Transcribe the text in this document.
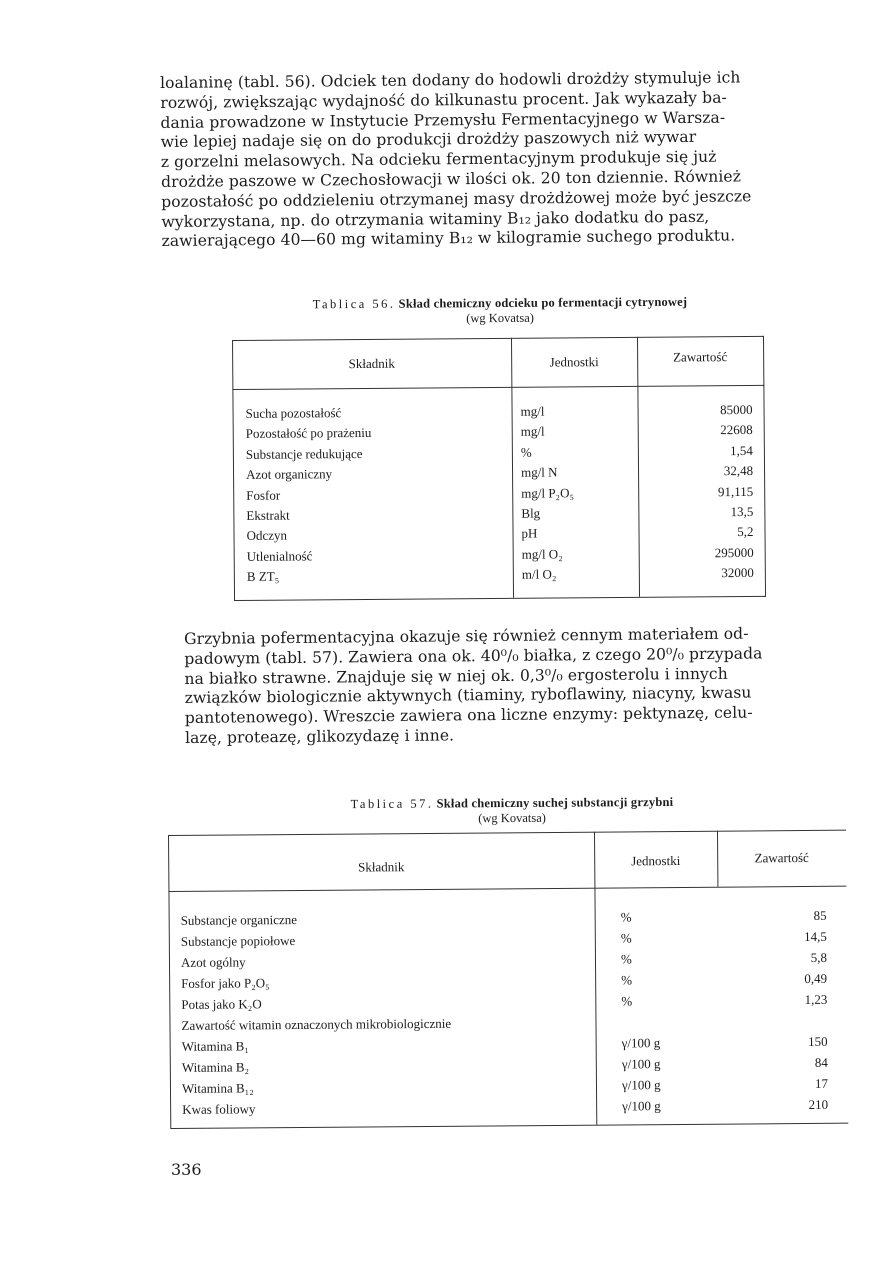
loalaninę (tabl. 56). Odciek ten dodany do hodowli drożdży stymuluje ich
rozwój, zwiększając wydajność do kilkunastu procent. Jak wykazały ba-
dania prowadzone w Instytucie Przemysłu Fermentacyjnego w Warsza-
wie lepiej nadaje się on do produkcji drożdży paszowych niż wywar
z gorzelni melasowych. Na odcieku fermentacyjnym produkuje się już
drożdże paszowe w Czechosłowacji w ilości ok. 20 ton dziennie. Również
pozostałość po oddzieleniu otrzymanej masy drożdżowej może być jeszcze
wykorzystana, np. do otrzymania witaminy B₁₂ jako dodatku do pasz,
zawierającego 40—60 mg witaminy B₁₂ w kilogramie suchego produktu.
Tablica 56. Skład chemiczny odcieku po fermentacji cytrynowej
(wg Kovatsa)
Składnik	Jednostki	Zawartość
Sucha pozostałość	mg/l	85000
Pozostałość po prażeniu	mg/l	22608
Substancje redukujące	%	1,54
Azot organiczny	mg/l N	32,48
Fosfor	mg/l P₂O₅	91,115
Ekstrakt	Blg	13,5
Odczyn	pH	5,2
Utlenialność	mg/l O₂	295000
B ZT₅	m/l O₂	32000
Grzybnia pofermentacyjna okazuje się również cennym materiałem od-
padowym (tabl. 57). Zawiera ona ok. 40⁰/₀ białka, z czego 20⁰/₀ przypada
na białko strawne. Znajduje się w niej ok. 0,3⁰/₀ ergosterolu i innych
związków biologicznie aktywnych (tiaminy, ryboflawiny, niacyny, kwasu
pantotenowego). Wreszcie zawiera ona liczne enzymy: pektynazę, celu-
lazę, proteazę, glikozydazę i inne.
Tablica 57. Skład chemiczny suchej substancji grzybni
(wg Kovatsa)
Składnik	Jednostki	Zawartość
Substancje organiczne	%	85
Substancje popiołowe	%	14,5
Azot ogólny	%	5,8
Fosfor jako P₂O₅	%	0,49
Potas jako K₂O	%	1,23
Zawartość witamin oznaczonych mikrobiologicznie
Witamina B₁	γ/100 g	150
Witamina B₂	γ/100 g	84
Witamina B₁₂	γ/100 g	17
Kwas foliowy	γ/100 g	210
336
